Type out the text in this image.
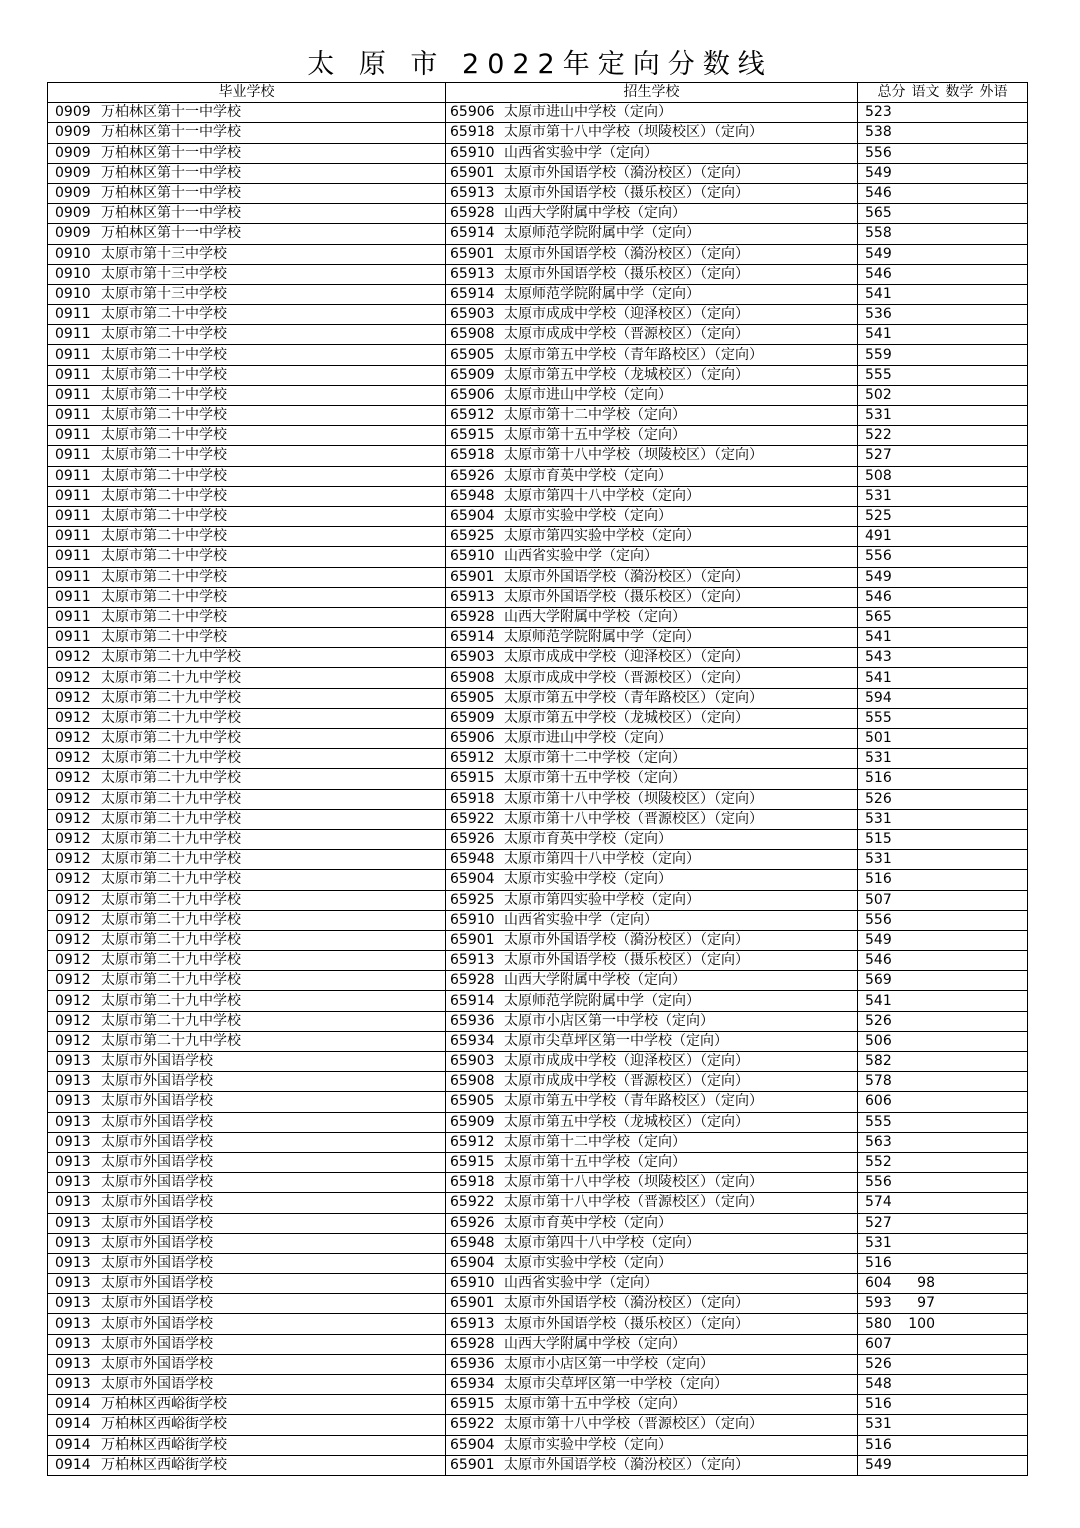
太 原 市 2022年定向分数线
毕业学校	招生学校	总分 语文 数学 外语
0909 万柏林区第十一中学校	65906 太原市进山中学校（定向）	523
0909 万柏林区第十一中学校	65918 太原市第十八中学校（坝陵校区）（定向）	538
0909 万柏林区第十一中学校	65910 山西省实验中学（定向）	556
0909 万柏林区第十一中学校	65901 太原市外国语学校（漪汾校区）（定向）	549
0909 万柏林区第十一中学校	65913 太原市外国语学校（摄乐校区）（定向）	546
0909 万柏林区第十一中学校	65928 山西大学附属中学校（定向）	565
0909 万柏林区第十一中学校	65914 太原师范学院附属中学（定向）	558
0910 太原市第十三中学校	65901 太原市外国语学校（漪汾校区）（定向）	549
0910 太原市第十三中学校	65913 太原市外国语学校（摄乐校区）（定向）	546
0910 太原市第十三中学校	65914 太原师范学院附属中学（定向）	541
0911 太原市第二十中学校	65903 太原市成成中学校（迎泽校区）（定向）	536
0911 太原市第二十中学校	65908 太原市成成中学校（晋源校区）（定向）	541
0911 太原市第二十中学校	65905 太原市第五中学校（青年路校区）（定向）	559
0911 太原市第二十中学校	65909 太原市第五中学校（龙城校区）（定向）	555
0911 太原市第二十中学校	65906 太原市进山中学校（定向）	502
0911 太原市第二十中学校	65912 太原市第十二中学校（定向）	531
0911 太原市第二十中学校	65915 太原市第十五中学校（定向）	522
0911 太原市第二十中学校	65918 太原市第十八中学校（坝陵校区）（定向）	527
0911 太原市第二十中学校	65926 太原市育英中学校（定向）	508
0911 太原市第二十中学校	65948 太原市第四十八中学校（定向）	531
0911 太原市第二十中学校	65904 太原市实验中学校（定向）	525
0911 太原市第二十中学校	65925 太原市第四实验中学校（定向）	491
0911 太原市第二十中学校	65910 山西省实验中学（定向）	556
0911 太原市第二十中学校	65901 太原市外国语学校（漪汾校区）（定向）	549
0911 太原市第二十中学校	65913 太原市外国语学校（摄乐校区）（定向）	546
0911 太原市第二十中学校	65928 山西大学附属中学校（定向）	565
0911 太原市第二十中学校	65914 太原师范学院附属中学（定向）	541
0912 太原市第二十九中学校	65903 太原市成成中学校（迎泽校区）（定向）	543
0912 太原市第二十九中学校	65908 太原市成成中学校（晋源校区）（定向）	541
0912 太原市第二十九中学校	65905 太原市第五中学校（青年路校区）（定向）	594
0912 太原市第二十九中学校	65909 太原市第五中学校（龙城校区）（定向）	555
0912 太原市第二十九中学校	65906 太原市进山中学校（定向）	501
0912 太原市第二十九中学校	65912 太原市第十二中学校（定向）	531
0912 太原市第二十九中学校	65915 太原市第十五中学校（定向）	516
0912 太原市第二十九中学校	65918 太原市第十八中学校（坝陵校区）（定向）	526
0912 太原市第二十九中学校	65922 太原市第十八中学校（晋源校区）（定向）	531
0912 太原市第二十九中学校	65926 太原市育英中学校（定向）	515
0912 太原市第二十九中学校	65948 太原市第四十八中学校（定向）	531
0912 太原市第二十九中学校	65904 太原市实验中学校（定向）	516
0912 太原市第二十九中学校	65925 太原市第四实验中学校（定向）	507
0912 太原市第二十九中学校	65910 山西省实验中学（定向）	556
0912 太原市第二十九中学校	65901 太原市外国语学校（漪汾校区）（定向）	549
0912 太原市第二十九中学校	65913 太原市外国语学校（摄乐校区）（定向）	546
0912 太原市第二十九中学校	65928 山西大学附属中学校（定向）	569
0912 太原市第二十九中学校	65914 太原师范学院附属中学（定向）	541
0912 太原市第二十九中学校	65936 太原市小店区第一中学校（定向）	526
0912 太原市第二十九中学校	65934 太原市尖草坪区第一中学校（定向）	506
0913 太原市外国语学校	65903 太原市成成中学校（迎泽校区）（定向）	582
0913 太原市外国语学校	65908 太原市成成中学校（晋源校区）（定向）	578
0913 太原市外国语学校	65905 太原市第五中学校（青年路校区）（定向）	606
0913 太原市外国语学校	65909 太原市第五中学校（龙城校区）（定向）	555
0913 太原市外国语学校	65912 太原市第十二中学校（定向）	563
0913 太原市外国语学校	65915 太原市第十五中学校（定向）	552
0913 太原市外国语学校	65918 太原市第十八中学校（坝陵校区）（定向）	556
0913 太原市外国语学校	65922 太原市第十八中学校（晋源校区）（定向）	574
0913 太原市外国语学校	65926 太原市育英中学校（定向）	527
0913 太原市外国语学校	65948 太原市第四十八中学校（定向）	531
0913 太原市外国语学校	65904 太原市实验中学校（定向）	516
0913 太原市外国语学校	65910 山西省实验中学（定向）	604 98
0913 太原市外国语学校	65901 太原市外国语学校（漪汾校区）（定向）	593 97
0913 太原市外国语学校	65913 太原市外国语学校（摄乐校区）（定向）	580 100
0913 太原市外国语学校	65928 山西大学附属中学校（定向）	607
0913 太原市外国语学校	65936 太原市小店区第一中学校（定向）	526
0913 太原市外国语学校	65934 太原市尖草坪区第一中学校（定向）	548
0914 万柏林区西峪街学校	65915 太原市第十五中学校（定向）	516
0914 万柏林区西峪街学校	65922 太原市第十八中学校（晋源校区）（定向）	531
0914 万柏林区西峪街学校	65904 太原市实验中学校（定向）	516
0914 万柏林区西峪街学校	65901 太原市外国语学校（漪汾校区）（定向）	549
